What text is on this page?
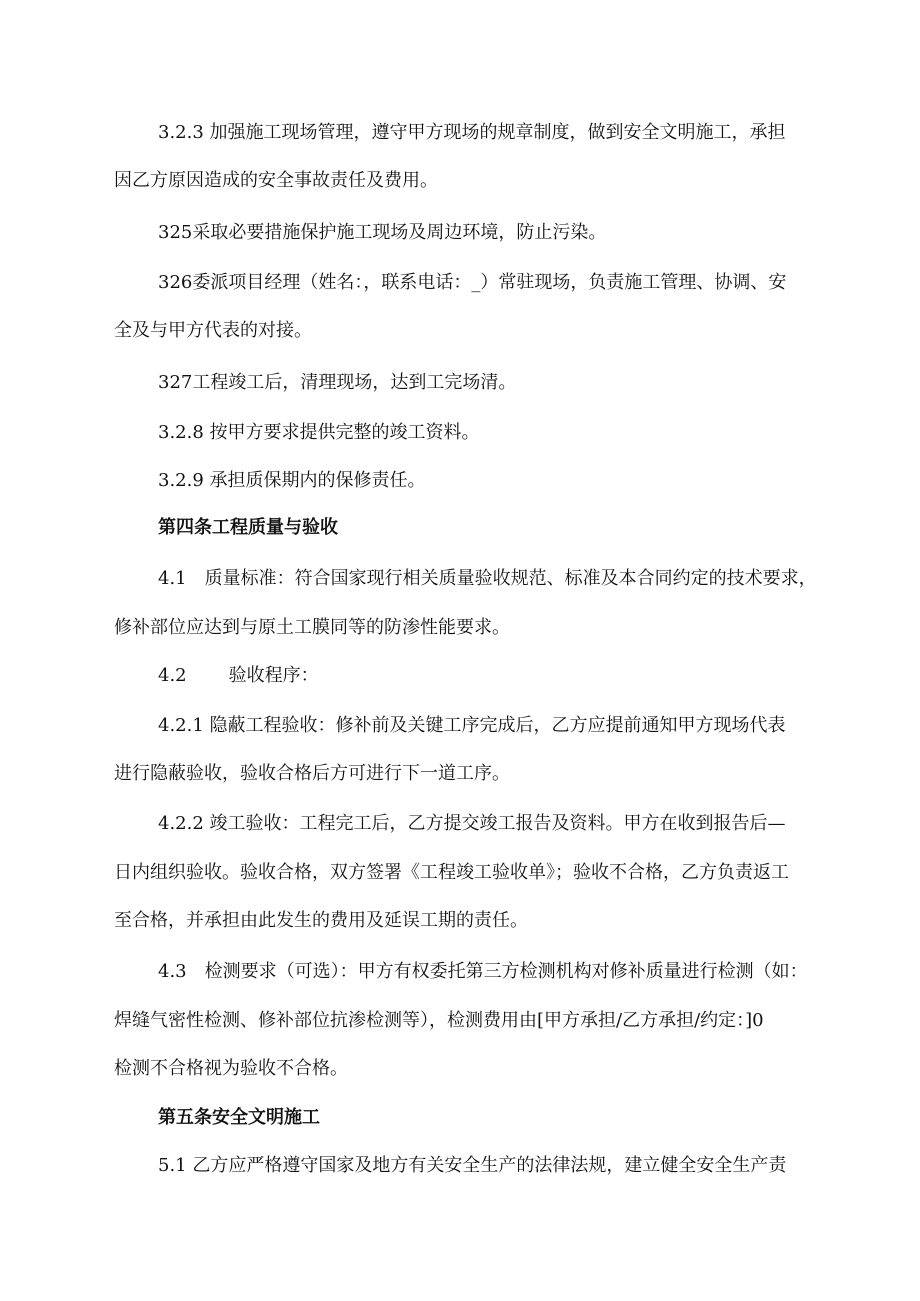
3.2.3 加强施工现场管理，遵守甲方现场的规章制度，做到安全文明施工，承担
因乙方原因造成的安全事故责任及费用。
325采取必要措施保护施工现场及周边环境，防止污染。
326委派项目经理（姓名：，联系电话：_）常驻现场，负责施工管理、协调、安
全及与甲方代表的对接。
327工程竣工后，清理现场，达到工完场清。
3.2.8 按甲方要求提供完整的竣工资料。
3.2.9 承担质保期内的保修责任。
第四条工程质量与验收
4.1　质量标准：符合国家现行相关质量验收规范、标准及本合同约定的技术要求，
修补部位应达到与原土工膜同等的防渗性能要求。
4.2 验收程序：
4.2.1 隐蔽工程验收：修补前及关键工序完成后，乙方应提前通知甲方现场代表
进行隐蔽验收，验收合格后方可进行下一道工序。
4.2.2 竣工验收：工程完工后，乙方提交竣工报告及资料。甲方在收到报告后—
日内组织验收。验收合格，双方签署《工程竣工验收单》；验收不合格，乙方负责返工
至合格，并承担由此发生的费用及延误工期的责任。
4.3　检测要求（可选）：甲方有权委托第三方检测机构对修补质量进行检测（如：
焊缝气密性检测、修补部位抗渗检测等），检测费用由[甲方承担/乙方承担/约定：]0
检测不合格视为验收不合格。
第五条安全文明施工
5.1 乙方应严格遵守国家及地方有关安全生产的法律法规，建立健全安全生产责
